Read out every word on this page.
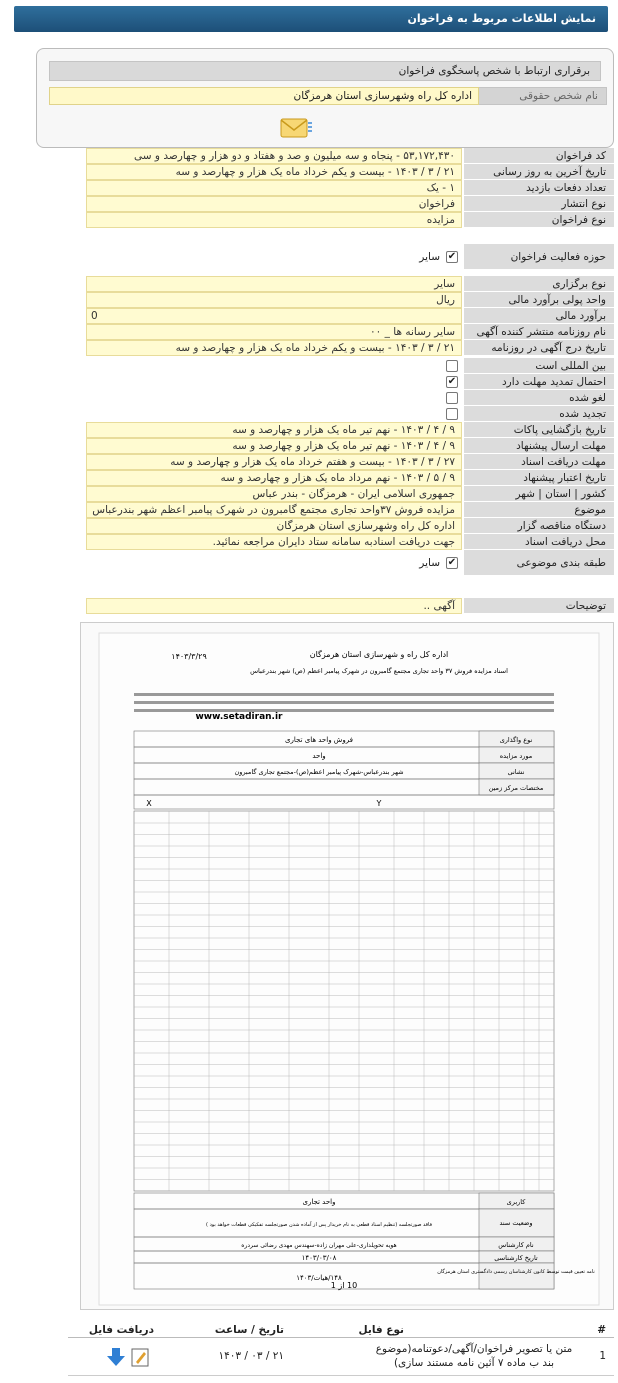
نمایش اطلاعات مربوط به فراخوان
برقراری ارتباط با شخص پاسخگوی فراخوان
نام شخص حقوقی
اداره کل راه وشهرسازی استان هرمزگان
کد فراخوان
۵۳,۱۷۲,۴۳۰ - پنجاه و سه میلیون و صد و هفتاد و دو هزار و چهارصد و سی
تاریخ آخرین به روز رسانی
۲۱ / ۳ / ۱۴۰۳ - بیست و یکم خرداد ماه یک هزار و چهارصد و سه
تعداد دفعات بازدید
۱ - یک
نوع انتشار
فراخوان
نوع فراخوان
مزایده
حوزه فعالیت فراخوان
✔
سایر
نوع برگزاری
سایر
واحد پولی برآورد مالی
ریال
برآورد مالی
0
نام روزنامه منتشر کننده آگهی
سایر رسانه ها _ ۰۰
تاریخ درج آگهی در روزنامه
۲۱ / ۳ / ۱۴۰۳ - بیست و یکم خرداد ماه یک هزار و چهارصد و سه
بین المللی است
احتمال تمدید مهلت دارد
✔
لغو شده
تجدید شده
تاریخ بازگشایی پاکات
۹ / ۴ / ۱۴۰۳ - نهم تیر ماه یک هزار و چهارصد و سه
مهلت ارسال پیشنهاد
۹ / ۴ / ۱۴۰۳ - نهم تیر ماه یک هزار و چهارصد و سه
مهلت دریافت اسناد
۲۷ / ۳ / ۱۴۰۳ - بیست و هفتم خرداد ماه یک هزار و چهارصد و سه
تاریخ اعتبار پیشنهاد
۹ / ۵ / ۱۴۰۳ - نهم مرداد ماه یک هزار و چهارصد و سه
کشور | استان | شهر
جمهوری اسلامی ایران - هرمزگان - بندر عباس
موضوع
مزایده فروش ۳۷واحد تجاری مجتمع گامبرون در شهرک پیامبر اعظم شهر بندرعباس
دستگاه مناقصه گزار
اداره کل راه وشهرسازی استان هرمزگان
محل دریافت اسناد
جهت دریافت اسنادبه سامانه ستاد دایران مراجعه نمائید.
طبقه بندی موضوعی
✔
سایر
توضیحات
آگهی ..
اداره کل راه و شهرسازی استان هرمزگان
۱۴۰۳/۳/۲۹
اسناد مزایده فروش ۳۷ واحد تجاری مجتمع گامبرون در شهرک پیامبر اعظم (ص) شهر بندرعباس
www.setadiran.ir
نوع واگذاری
مورد مزایده
نشانی
مختصات مرکز زمین
فروش واحد های تجاری
واحد
شهر بندرعباس-شهرک پیامبر اعظم(ص)-مجتمع تجاری گامبرون
Y
X
کاربری
وضعیت سند
نام کارشناس
تاریخ کارشناسی
نامه تعیین قیمت توسط کانون کارشناسان رسمی دادگستری استان هرمزگان
واحد تجاری
فاقد صورتجلسه (تنظیم اسناد قطعی به نام خریدار پس از آماده شدن صورتجلسه تفکیکی قطعات خواهد بود )
هویه تحویلداری-علی مهران زاده-سهندس مهدی رضائی سردره
۱۴۰۳/۰۳/۰۸
۱۴۸/هیات/۱۴۰۳
10 از 1
#
نوع فایل
تاریخ / ساعت
دریافت فایل
1
متن یا تصویر فراخوان/آگهی/دعوتنامه(موضوع بند ب ماده ۷ آئین نامه مستند سازی)
۲۱ / ۰۳ / ۱۴۰۳
